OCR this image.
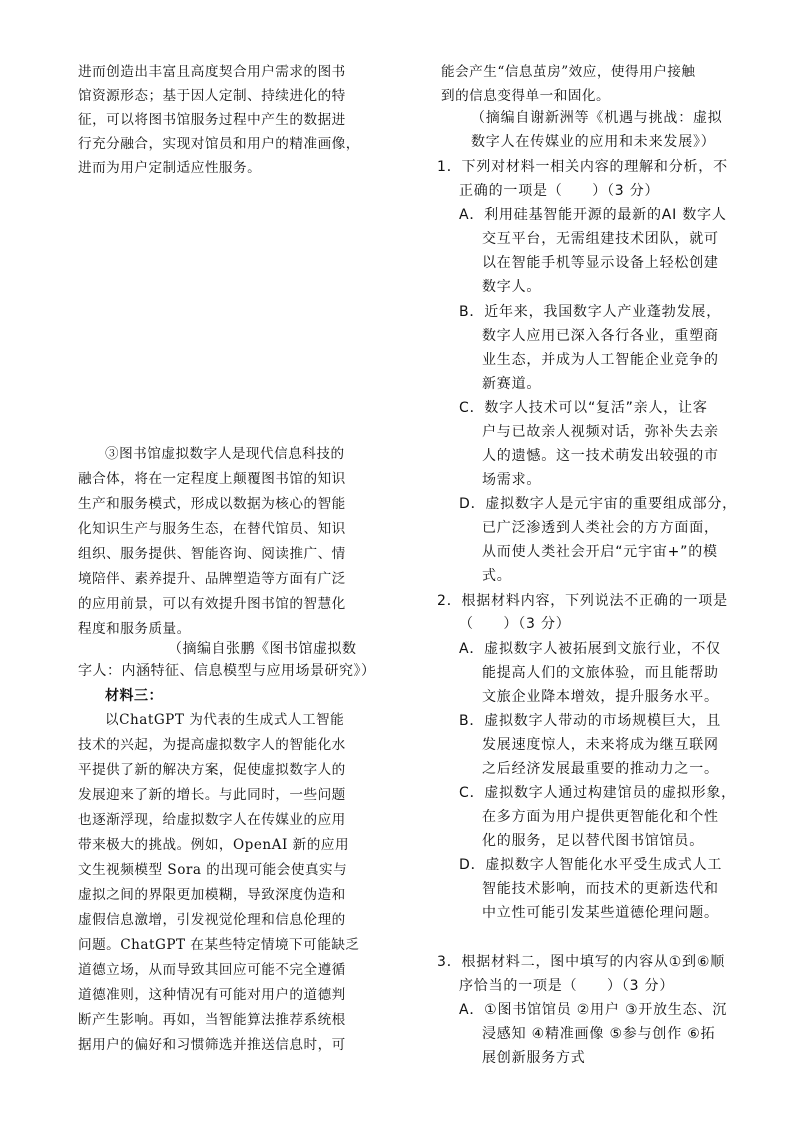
进而创造出丰富且高度契合用户需求的图书
馆资源形态；基于因人定制、持续进化的特
征，可以将图书馆服务过程中产生的数据进
行充分融合，实现对馆员和用户的精准画像，
进而为用户定制适应性服务。
③图书馆虚拟数字人是现代信息科技的
融合体，将在一定程度上颠覆图书馆的知识
生产和服务模式，形成以数据为核心的智能
化知识生产与服务生态，在替代馆员、知识
组织、服务提供、智能咨询、阅读推广、情
境陪伴、素养提升、品牌塑造等方面有广泛
的应用前景，可以有效提升图书馆的智慧化
程度和服务质量。
（摘编自张鹏《图书馆虚拟数
字人：内涵特征、信息模型与应用场景研究》）
材料三：
以ChatGPT 为代表的生成式人工智能
技术的兴起，为提高虚拟数字人的智能化水
平提供了新的解决方案，促使虚拟数字人的
发展迎来了新的增长。与此同时，一些问题
也逐渐浮现，给虚拟数字人在传媒业的应用
带来极大的挑战。例如，OpenAI 新的应用
文生视频模型 Sora 的出现可能会使真实与
虚拟之间的界限更加模糊，导致深度伪造和
虚假信息激增，引发视觉伦理和信息伦理的
问题。ChatGPT 在某些特定情境下可能缺乏
道德立场，从而导致其回应可能不完全遵循
道德准则，这种情况有可能对用户的道德判
断产生影响。再如，当智能算法推荐系统根
据用户的偏好和习惯筛选并推送信息时，可
能会产生“信息茧房”效应，使得用户接触
到的信息变得单一和固化。
（摘编自谢新洲等《机遇与挑战：虚拟
数字人在传媒业的应用和未来发展》）
1．下列对材料一相关内容的理解和分析，不
正确的一项是（　　）（3 分）
A．利用硅基智能开源的最新的AI 数字人
交互平台，无需组建技术团队，就可
以在智能手机等显示设备上轻松创建
数字人。
B．近年来，我国数字人产业蓬勃发展，
数字人应用已深入各行各业，重塑商
业生态，并成为人工智能企业竞争的
新赛道。
C．数字人技术可以“复活”亲人，让客
户与已故亲人视频对话，弥补失去亲
人的遗憾。这一技术萌发出较强的市
场需求。
D．虚拟数字人是元宇宙的重要组成部分，
已广泛渗透到人类社会的方方面面，
从而使人类社会开启“元宇宙+”的模
式。
2．根据材料内容，下列说法不正确的一项是
（　　）（3 分）
A．虚拟数字人被拓展到文旅行业，不仅
能提高人们的文旅体验，而且能帮助
文旅企业降本增效，提升服务水平。
B．虚拟数字人带动的市场规模巨大，且
发展速度惊人，未来将成为继互联网
之后经济发展最重要的推动力之一。
C．虚拟数字人通过构建馆员的虚拟形象，
在多方面为用户提供更智能化和个性
化的服务，足以替代图书馆馆员。
D．虚拟数字人智能化水平受生成式人工
智能技术影响，而技术的更新迭代和
中立性可能引发某些道德伦理问题。
3．根据材料二，图中填写的内容从①到⑥顺
序恰当的一项是（　　）（3 分）
A．①图书馆馆员 ②用户 ③开放生态、沉
浸感知 ④精准画像 ⑤参与创作 ⑥拓
展创新服务方式
